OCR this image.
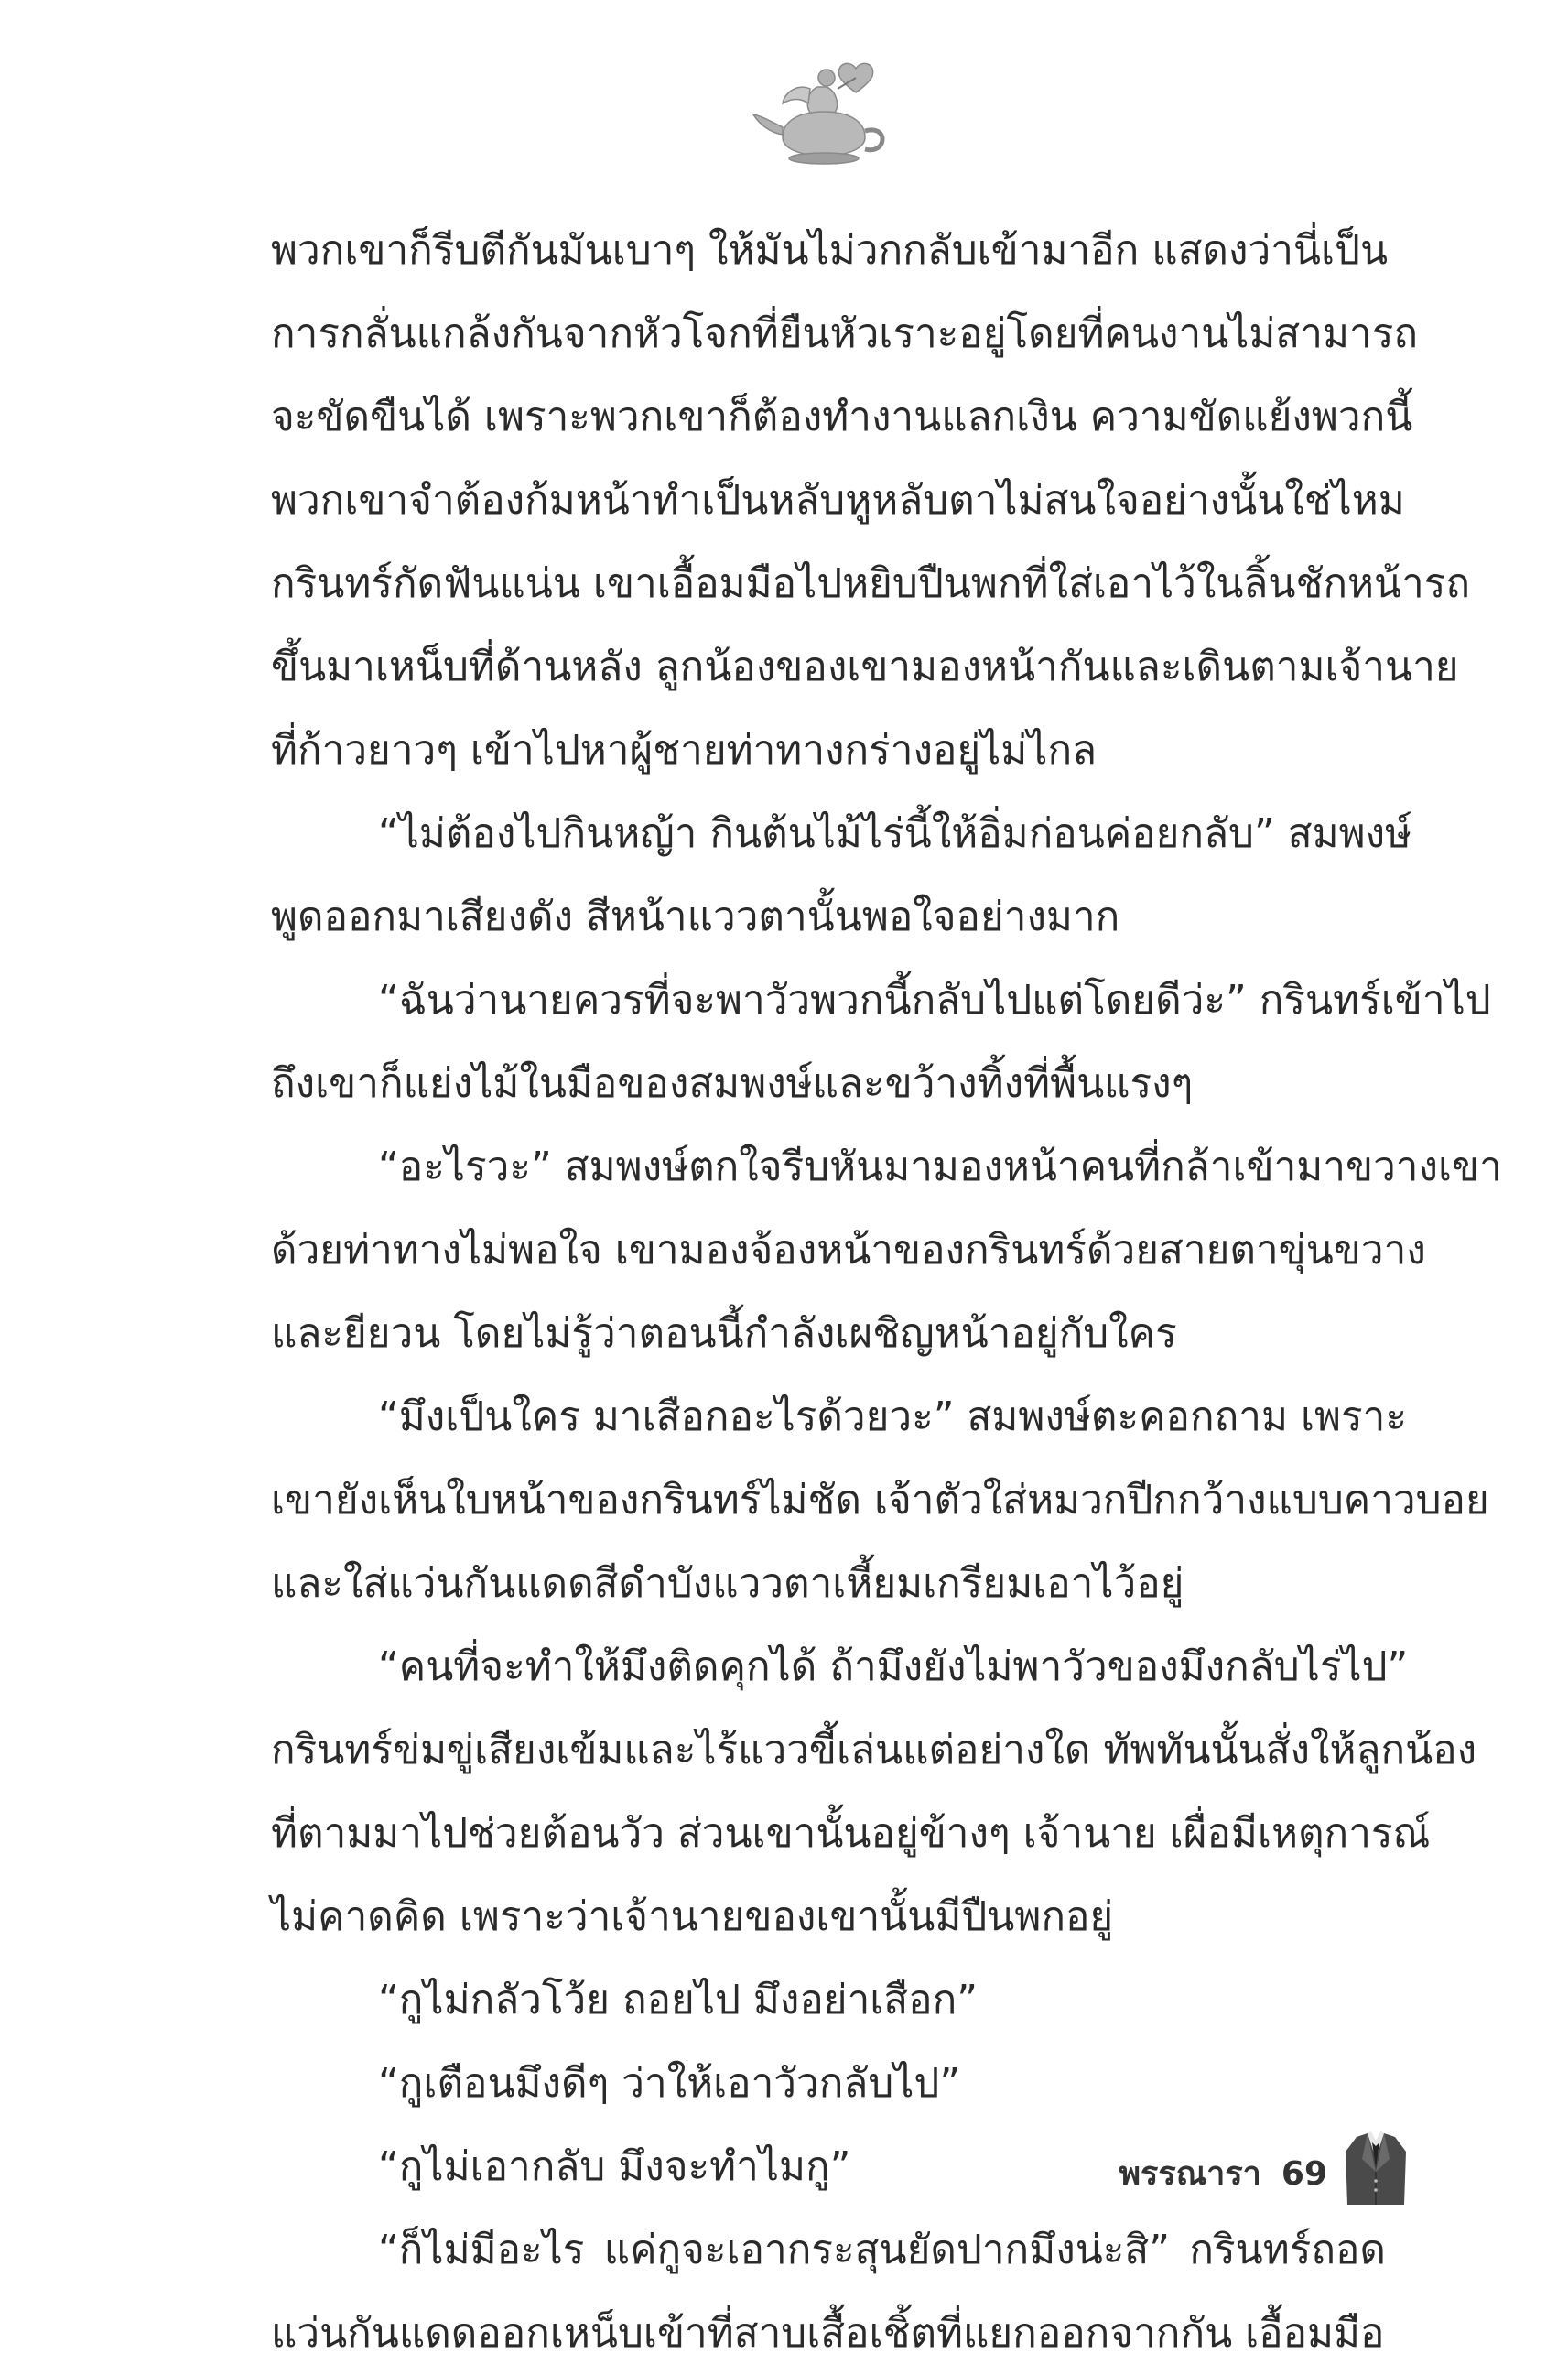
พวกเขาก็รีบตีกันมันเบาๆ ให้มันไม่วกกลับเข้ามาอีก แสดงว่านี่เป็น
การกลั่นแกล้งกันจากหัวโจกที่ยืนหัวเราะอยู่โดยที่คนงานไม่สามารถ
จะขัดขืนได้ เพราะพวกเขาก็ต้องทำงานแลกเงิน ความขัดแย้งพวกนี้
พวกเขาจำต้องก้มหน้าทำเป็นหลับหูหลับตาไม่สนใจอย่างนั้นใช่ไหม
กรินทร์กัดฟันแน่น เขาเอื้อมมือไปหยิบปืนพกที่ใส่เอาไว้ในลิ้นชักหน้ารถ
ขึ้นมาเหน็บที่ด้านหลัง ลูกน้องของเขามองหน้ากันและเดินตามเจ้านาย
ที่ก้าวยาวๆ เข้าไปหาผู้ชายท่าทางกร่างอยู่ไม่ไกล
“ไม่ต้องไปกินหญ้า กินต้นไม้ไร่นี้ให้อิ่มก่อนค่อยกลับ” สมพงษ์
พูดออกมาเสียงดัง สีหน้าแววตานั้นพอใจอย่างมาก
“ฉันว่านายควรที่จะพาวัวพวกนี้กลับไปแต่โดยดีว่ะ” กรินทร์เข้าไป
ถึงเขาก็แย่งไม้ในมือของสมพงษ์และขว้างทิ้งที่พื้นแรงๆ
“อะไรวะ” สมพงษ์ตกใจรีบหันมามองหน้าคนที่กล้าเข้ามาขวางเขา
ด้วยท่าทางไม่พอใจ เขามองจ้องหน้าของกรินทร์ด้วยสายตาขุ่นขวาง
และยียวน โดยไม่รู้ว่าตอนนี้กำลังเผชิญหน้าอยู่กับใคร
“มึงเป็นใคร มาเสือกอะไรด้วยวะ” สมพงษ์ตะคอกถาม เพราะ
เขายังเห็นใบหน้าของกรินทร์ไม่ชัด เจ้าตัวใส่หมวกปีกกว้างแบบคาวบอย
และใส่แว่นกันแดดสีดำบังแววตาเหี้ยมเกรียมเอาไว้อยู่
“คนที่จะทำให้มึงติดคุกได้ ถ้ามึงยังไม่พาวัวของมึงกลับไร่ไป”
กรินทร์ข่มขู่เสียงเข้มและไร้แววขี้เล่นแต่อย่างใด ทัพทันนั้นสั่งให้ลูกน้อง
ที่ตามมาไปช่วยต้อนวัว ส่วนเขานั้นอยู่ข้างๆ เจ้านาย เผื่อมีเหตุการณ์
ไม่คาดคิด เพราะว่าเจ้านายของเขานั้นมีปืนพกอยู่
“กูไม่กลัวโว้ย ถอยไป มึงอย่าเสือก”
“กูเตือนมึงดีๆ ว่าให้เอาวัวกลับไป”
“กูไม่เอากลับ มึงจะทำไมกู”
“ก็ไม่มีอะไร แค่กูจะเอากระสุนยัดปากมึงน่ะสิ” กรินทร์ถอด
แว่นกันแดดออกเหน็บเข้าที่สาบเสื้อเชิ้ตที่แยกออกจากกัน เอื้อมมือ
พรรณารา 69
